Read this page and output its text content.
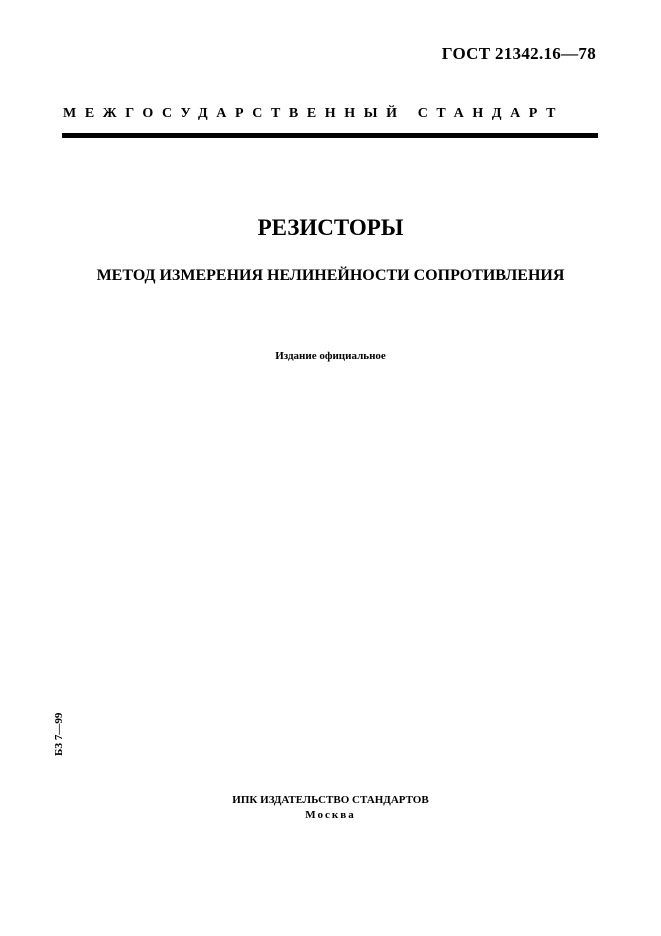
ГОСТ 21342.16—78
МЕЖГОСУДАРСТВЕННЫЙ СТАНДАРТ
РЕЗИСТОРЫ
МЕТОД ИЗМЕРЕНИЯ НЕЛИНЕЙНОСТИ СОПРОТИВЛЕНИЯ
Издание официальное
БЗ 7—99
ИПК ИЗДАТЕЛЬСТВО СТАНДАРТОВ
Москва
